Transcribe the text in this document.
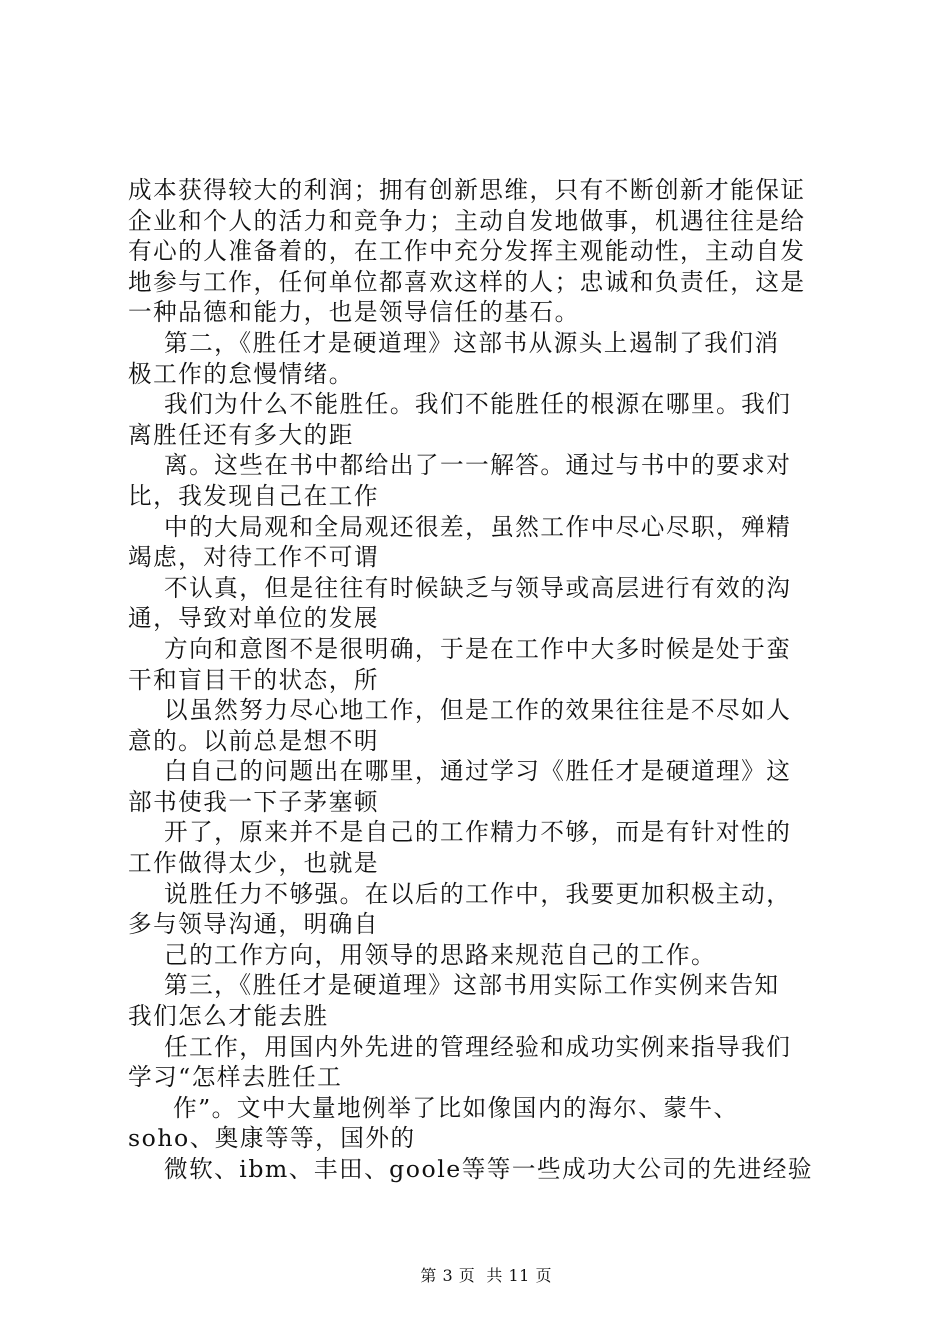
成本获得较大的利润；拥有创新思维，只有不断创新才能保证
企业和个人的活力和竞争力；主动自发地做事，机遇往往是给
有心的人准备着的，在工作中充分发挥主观能动性，主动自发
地参与工作，任何单位都喜欢这样的人；忠诚和负责任，这是
一种品德和能力，也是领导信任的基石。
第二，《胜任才是硬道理》这部书从源头上遏制了我们消
极工作的怠慢情绪。
我们为什么不能胜任。我们不能胜任的根源在哪里。我们
离胜任还有多大的距
离。这些在书中都给出了一一解答。通过与书中的要求对
比，我发现自己在工作
中的大局观和全局观还很差，虽然工作中尽心尽职，殚精
竭虑，对待工作不可谓
不认真，但是往往有时候缺乏与领导或高层进行有效的沟
通，导致对单位的发展
方向和意图不是很明确，于是在工作中大多时候是处于蛮
干和盲目干的状态，所
以虽然努力尽心地工作，但是工作的效果往往是不尽如人
意的。以前总是想不明
白自己的问题出在哪里，通过学习《胜任才是硬道理》这
部书使我一下子茅塞顿
开了，原来并不是自己的工作精力不够，而是有针对性的
工作做得太少，也就是
说胜任力不够强。在以后的工作中，我要更加积极主动，
多与领导沟通，明确自
己的工作方向，用领导的思路来规范自己的工作。
第三，《胜任才是硬道理》这部书用实际工作实例来告知
我们怎么才能去胜
任工作，用国内外先进的管理经验和成功实例来指导我们
学习“怎样去胜任工
作”。文中大量地例举了比如像国内的海尔、蒙牛、
soho、奥康等等，国外的
微软、ibm、丰田、goole等等一些成功大公司的先进经验

第 3 页  共 11 页
